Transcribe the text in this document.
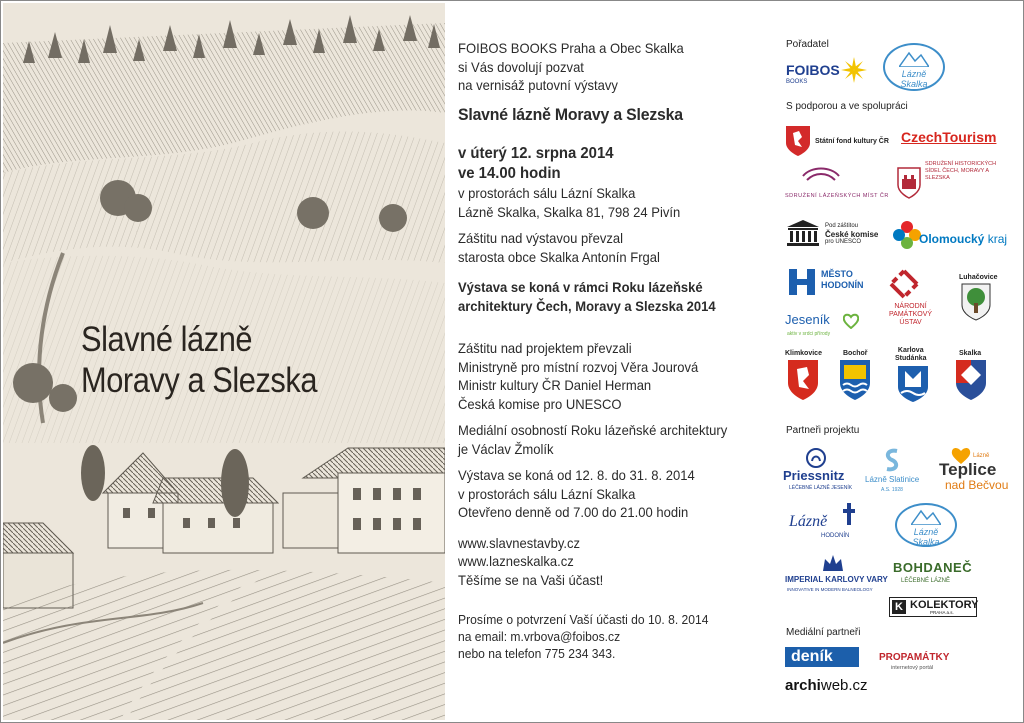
Slavné lázně
Moravy a Slezska
FOIBOS BOOKS Praha a Obec Skalka
si Vás dovolují pozvat
na vernisáž putovní výstavy
Slavné lázně Moravy a Slezska
v úterý 12. srpna 2014
ve 14.00 hodin
v prostorách sálu Lázní Skalka
Lázně Skalka, Skalka 81, 798 24 Pivín
Záštitu nad výstavou převzal
starosta obce Skalka Antonín Frgal
Výstava se koná v rámci Roku lázeňské
architektury Čech, Moravy a Slezska 2014
Záštitu nad projektem převzali
Ministryně pro místní rozvoj Věra Jourová
Ministr kultury ČR Daniel Herman
Česká komise pro UNESCO
Mediální osobností Roku lázeňské architektury
je Václav Žmolík
Výstava se koná od 12. 8. do 31. 8. 2014
v prostorách sálu Lázní Skalka
Otevřeno denně od 7.00 do 21.00 hodin
www.slavnestavby.cz
www.lazneskalka.cz
Těšíme se na Vaši účast!
Prosíme o potvrzení Vaší účasti do 10. 8. 2014
na email: m.vrbova@foibos.cz
nebo na telefon 775 234 343.
Pořadatel
FOIBOS
BOOKS
Lázně Skalka
S podporou a ve spolupráci
Státní fond kultury ČR CzechTourism
SDRUŽENÍ LÁZEŇSKÝCH MÍST ČR
SDRUŽENÍ HISTORICKÝCH SÍDEL ČECH, MORAVY A SLEZSKA
Pod záštitou
České komise
pro UNESCO	Olomoucký kraj
MĚSTO
HODONÍN
NÁRODNÍ
PAMÁTKOVÝ
ÚSTAV
Luhačovice
Jeseník
aktiv v srdci přírody
Klimkovice	Bochoř	Karlova
Studánka
Skalka
Partneři projektu
Priessnitz
LÉČEBNÉ LÁZNĚ JESENÍK
Lázně Slatinice
A.S. 1928
Lázně
Teplice
nad Bečvou
Lázně
HODONÍN	Lázně Skalka
IMPERIAL KARLOVY VARY
INNOVATIVE IN MODERN BALNEOLOGY
BOHDANEČ
LÉČEBNÉ LÁZNĚ
K KOLEKTORY
PRAHA a.s.
Mediální partneři
deník	PROPAMÁTKY
internetový portál
archiweb.cz
